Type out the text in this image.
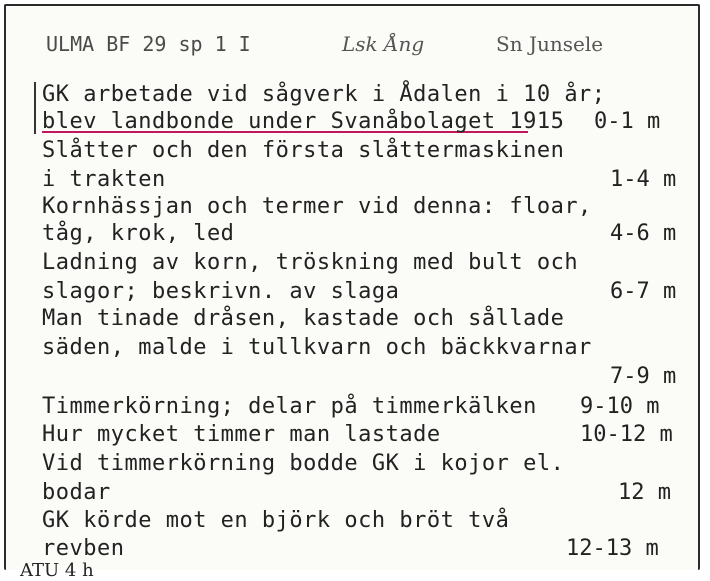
ULMA BF 29 sp 1 I	Lsk Ång	Sn Junsele
GK arbetade vid sågverk i Ådalen i 10 år;
blev landbonde under Svanåbolaget 1915 0-1 m
Slåtter och den första slåttermaskinen
i trakten	1-4 m
Kornhässjan och termer vid denna: floar,
tåg, krok, led	4-6 m
Ladning av korn, tröskning med bult och
slagor; beskrivn. av slaga	6-7 m
Man tinade dråsen, kastade och sållade
säden, malde i tullkvarn och bäckkvarnar
7-9 m
Timmerkörning; delar på timmerkälken 9-10 m
Hur mycket timmer man lastade	10-12 m
Vid timmerkörning bodde GK i kojor el.
bodar	12 m
GK körde mot en björk och bröt två
revben	12-13 m
ATU 4 h
